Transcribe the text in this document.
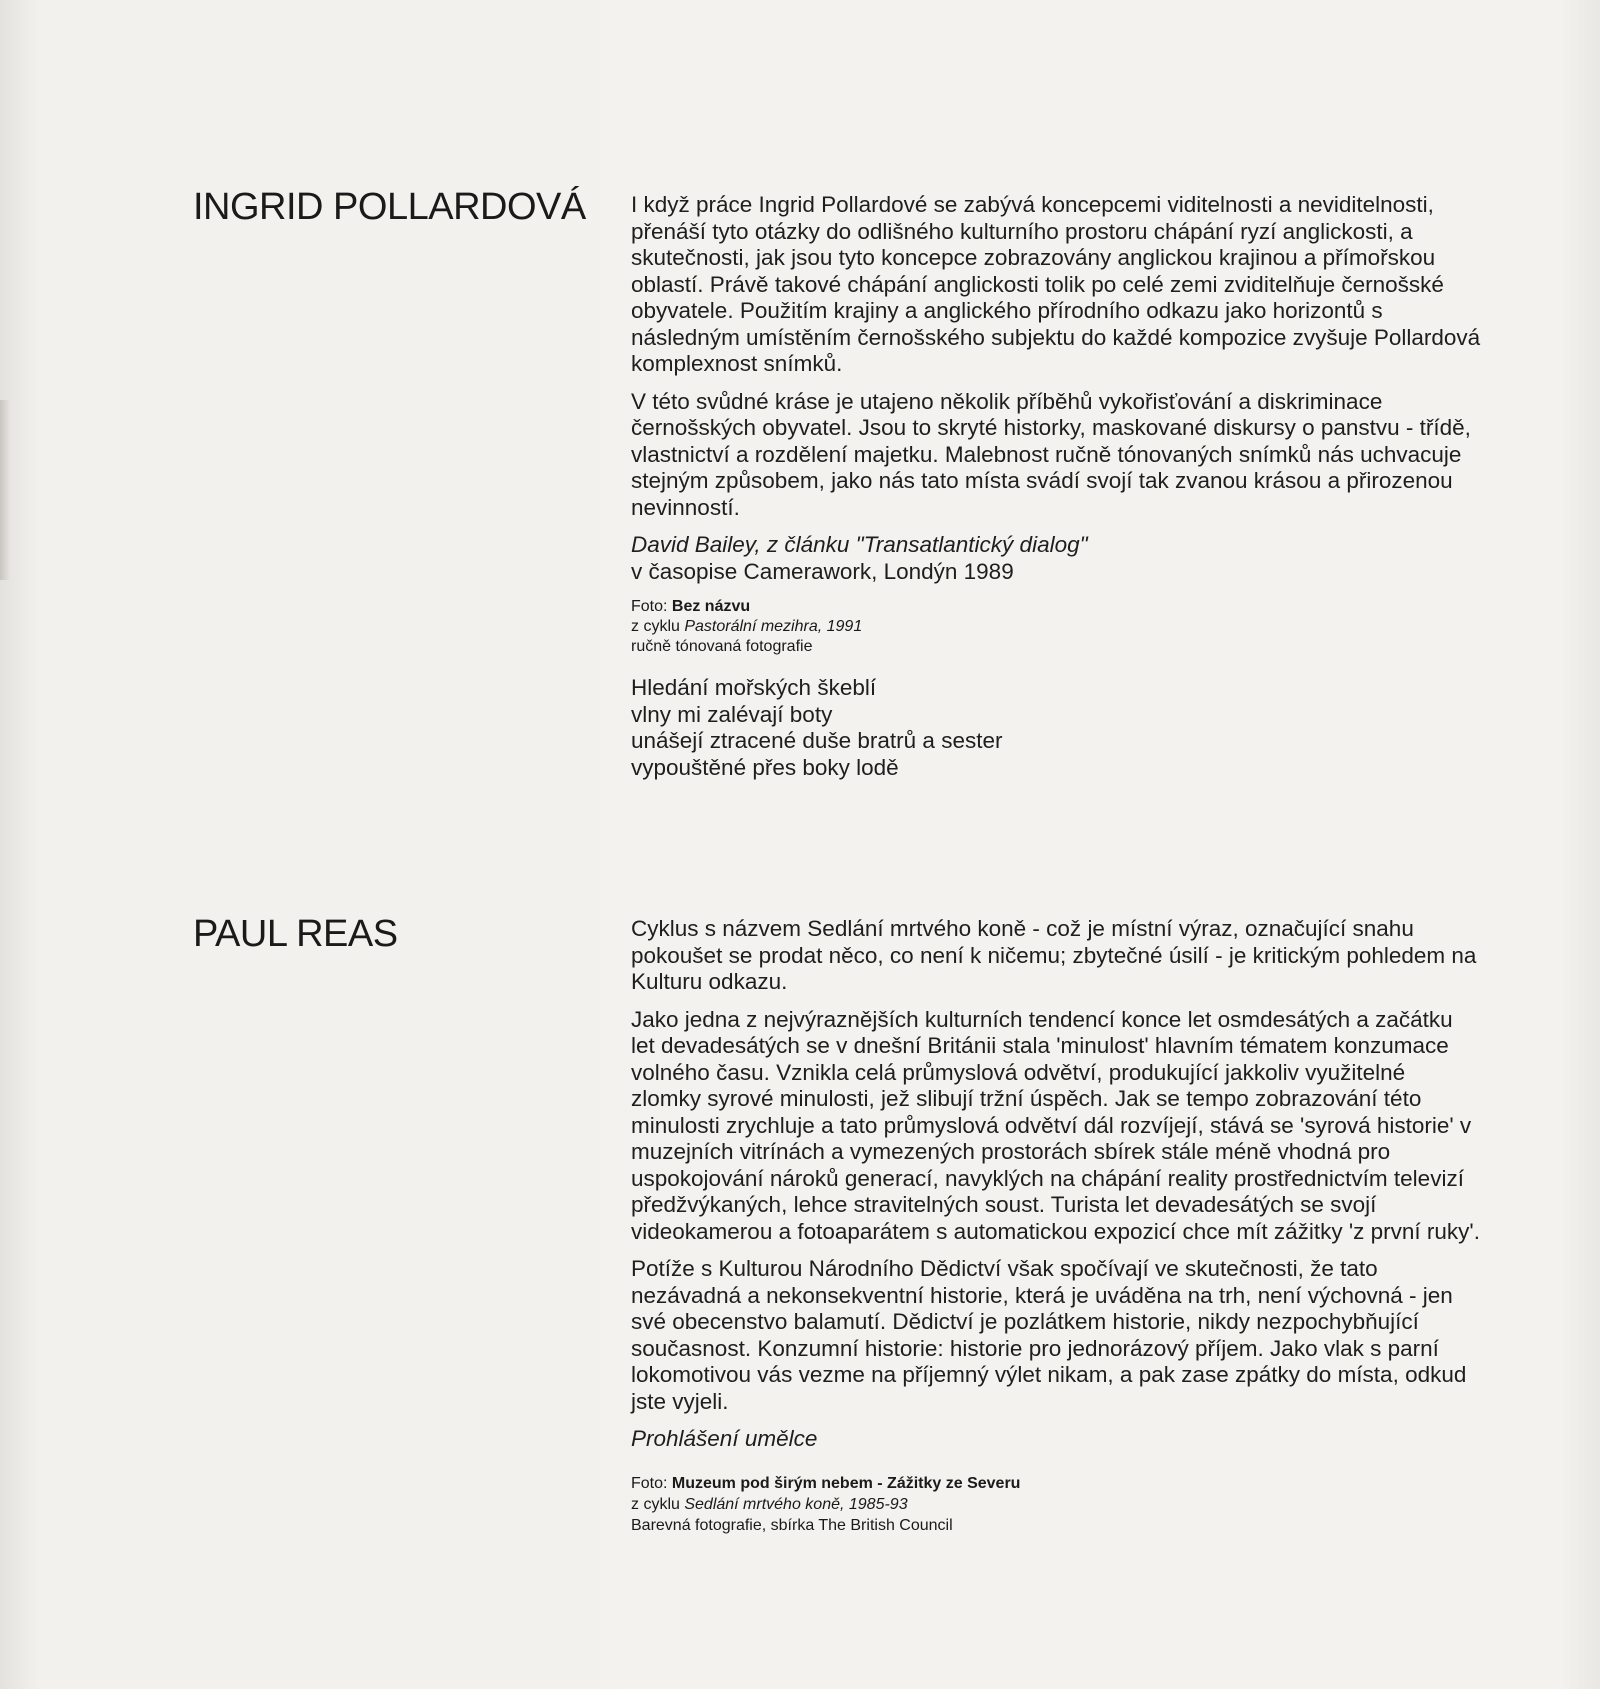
INGRID POLLARDOVÁ I když práce Ingrid Pollardové se zabývá koncepcemi viditelnosti a neviditelnosti, přenáší tyto otázky do odlišného kulturního prostoru chápání ryzí anglickosti, a skutečnosti, jak jsou tyto koncepce zobrazovány anglickou krajinou a přímořskou oblastí. Právě takové chápání anglickosti tolik po celé zemi zviditelňuje černošské obyvatele. Použitím krajiny a anglického přírodního odkazu jako horizontů s následným umístěním černošského subjektu do každé kompozice zvyšuje Pollardová komplexnost snímků.

V této svůdné kráse je utajeno několik příběhů vykořisťování a diskriminace černošských obyvatel. Jsou to skryté historky, maskované diskursy o panstvu - třídě, vlastnictví a rozdělení majetku. Malebnost ručně tónovaných snímků nás uchvacuje stejným způsobem, jako nás tato místa svádí svojí tak zvanou krásou a přirozenou nevinností.

David Bailey, z článku "Transatlantický dialog"
v časopise Camerawork, Londýn 1989
Foto: Bez názvu
z cyklu Pastorální mezihra, 1991
ručně tónovaná fotografie
Hledání mořských škeblí
vlny mi zalévají boty
unášejí ztracené duše bratrů a sester
vypouštěné přes boky lodě
PAUL REAS	Cyklus s názvem Sedlání mrtvého koně - což je místní výraz, označující snahu pokoušet se prodat něco, co není k ničemu; zbytečné úsilí - je kritickým pohledem na Kulturu odkazu.

Jako jedna z nejvýraznějších kulturních tendencí konce let osmdesátých a začátku let devadesátých se v dnešní Británii stala 'minulost' hlavním tématem konzumace volného času. Vznikla celá průmyslová odvětví, produkující jakkoliv využitelné zlomky syrové minulosti, jež slibují tržní úspěch. Jak se tempo zobrazování této minulosti zrychluje a tato průmyslová odvětví dál rozvíjejí, stává se 'syrová historie' v muzejních vitrínách a vymezených prostorách sbírek stále méně vhodná pro uspokojování nároků generací, navyklých na chápání reality prostřednictvím televizí předžvýkaných, lehce stravitelných soust. Turista let devadesátých se svojí videokamerou a fotoaparátem s automatickou expozicí chce mít zážitky 'z první ruky'.

Potíže s Kulturou Národního Dědictví však spočívají ve skutečnosti, že tato nezávadná a nekonsekventní historie, která je uváděna na trh, není výchovná - jen své obecenstvo balamutí. Dědictví je pozlátkem historie, nikdy nezpochybňující současnost. Konzumní historie: historie pro jednorázový příjem. Jako vlak s parní lokomotivou vás vezme na příjemný výlet nikam, a pak zase zpátky do místa, odkud jste vyjeli.

Prohlášení umělce
Foto: Muzeum pod širým nebem - Zážitky ze Severu
z cyklu Sedlání mrtvého koně, 1985-93
Barevná fotografie, sbírka The British Council
